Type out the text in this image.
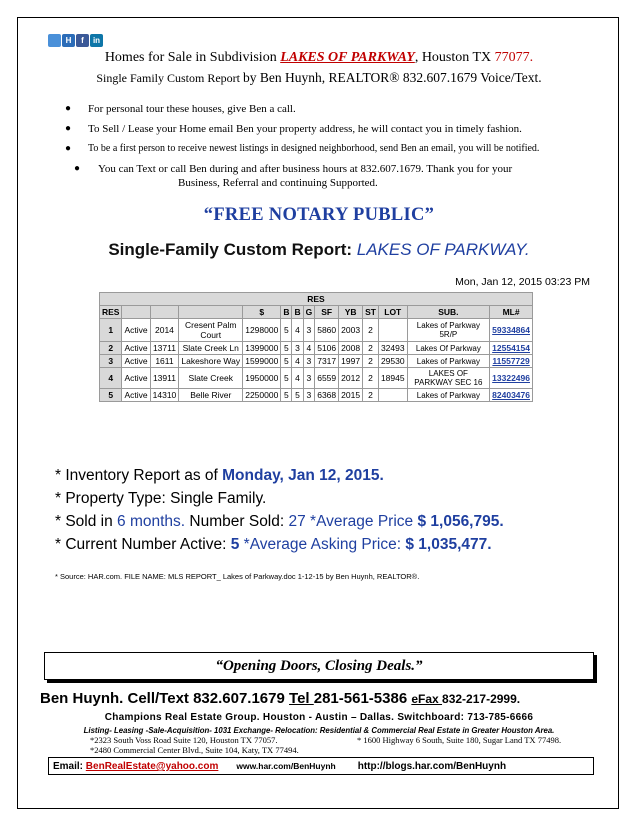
H	f	in
Homes for Sale in Subdivision LAKES OF PARKWAY, Houston TX 77077.
Single Family Custom Report by Ben Huynh, REALTOR® 832.607.1679 Voice/Text.
● For personal tour these houses, give Ben a call.
● To Sell / Lease your Home email Ben your property address, he will contact you in timely fashion.
● To be a first person to receive newest listings in designed neighborhood, send Ben an email, you will be notified.
● You can Text or call Ben during and after business hours at 832.607.1679. Thank you for your
Business, Referral and continuing Supported.
“FREE NOTARY PUBLIC”
Single-Family Custom Report: LAKES OF PARKWAY.
Mon, Jan 12, 2015 03:23 PM
RES													
RES				$	B	B	G	SF	YB	ST	LOT	SUB.	ML#
1	Active	2014	Cresent Palm Court	1298000	5	4	3	5860	2003	2		Lakes of Parkway 5R/P	59334864
2	Active	13711	Slate Creek Ln	1399000	5	3	4	5106	2008	2	32493	Lakes Of Parkway	12554154
3	Active	1611	Lakeshore Way	1599000	5	4	3	7317	1997	2	29530	Lakes of Parkway	11557729
4	Active	13911	Slate Creek	1950000	5	4	3	6559	2012	2	18945	LAKES OF PARKWAY SEC 16	13322496
5	Active	14310	Belle River	2250000	5	5	3	6368	2015	2		Lakes of Parkway	82403476
* Inventory Report as of Monday, Jan 12, 2015.
* Property Type: Single Family.
* Sold in 6 months. Number Sold: 27 *Average Price $ 1,056,795.
* Current Number Active: 5 *Average Asking Price: $ 1,035,477.
* Source: HAR.com. FILE NAME: MLS REPORT_ Lakes of Parkway.doc 1-12-15 by Ben Huynh, REALTOR®.
“Opening Doors, Closing Deals.”
Ben Huynh. Cell/Text 832.607.1679 Tel 281-561-5386 eFax 832-217-2999.
Champions Real Estate Group. Houston - Austin – Dallas. Switchboard: 713-785-6666
Listing- Leasing -Sale-Acquisition- 1031 Exchange- Relocation: Residential & Commercial Real Estate in Greater Houston Area.
*2323 South Voss Road Suite 120, Houston TX 77057.	* 1600 Highway 6 South, Suite 180, Sugar Land TX 77498.
*2480 Commercial Center Blvd., Suite 104, Katy, TX 77494.
Email: BenRealEstate@yahoo.com www.har.com/BenHuynh http://blogs.har.com/BenHuynh
